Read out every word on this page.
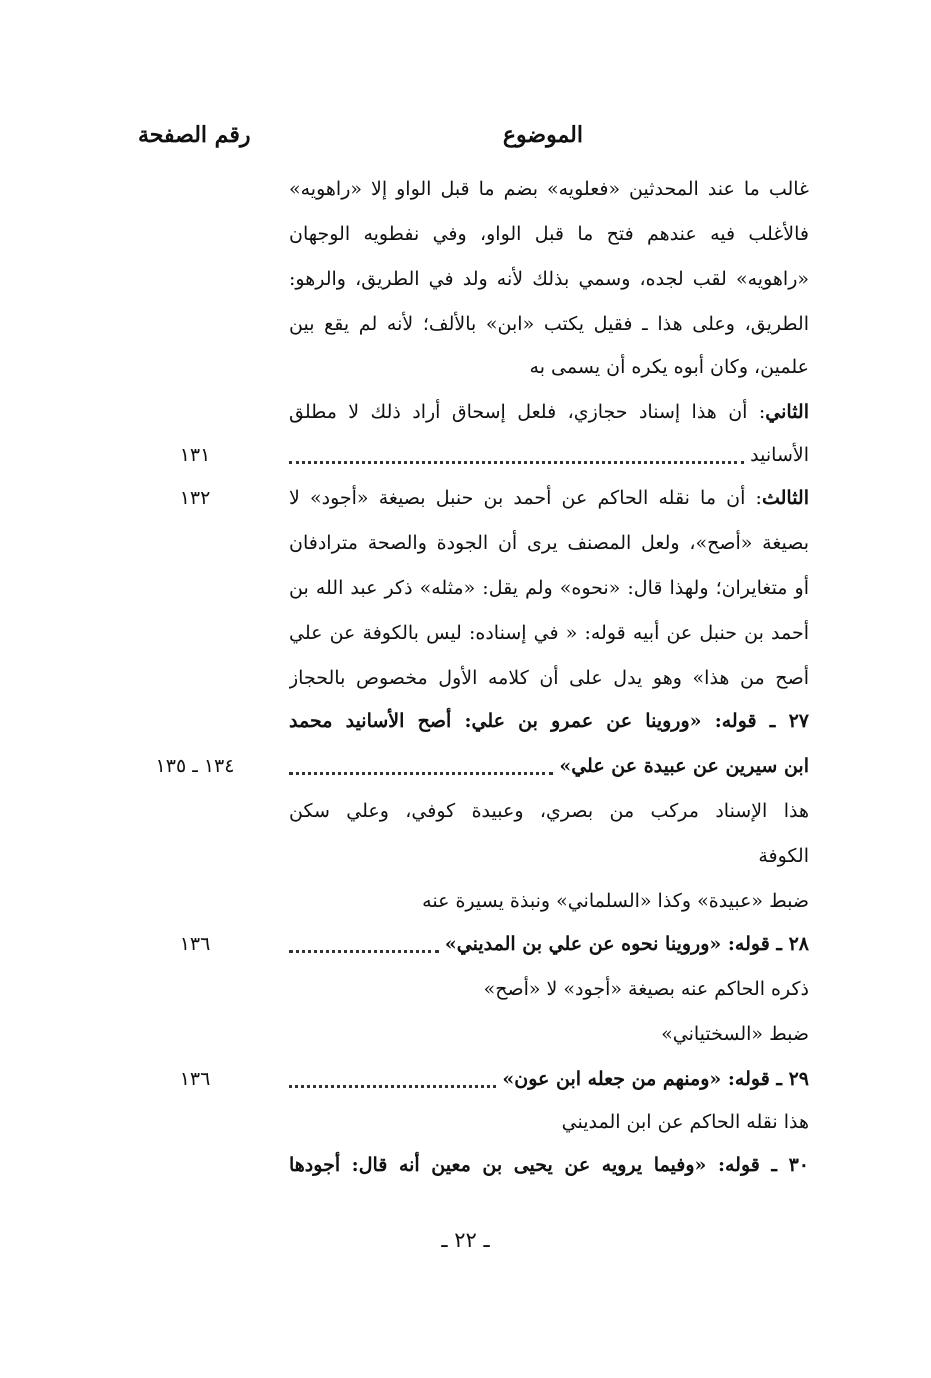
الموضوع
رقم الصفحة
غالب ما عند المحدثين «فعلويه» بضم ما قبل الواو إلا «راهويه»
فالأغلب فيه عندهم فتح ما قبل الواو، وفي نفطويه الوجهان
«راهويه» لقب لجده، وسمي بذلك لأنه ولد في الطريق، والرهو:
الطريق، وعلى هذا ـ فقيل يكتب «ابن» بالألف؛ لأنه لم يقع بين
علمين، وكان أبوه يكره أن يسمى به
الثاني: أن هذا إسناد حجازي، فلعل إسحاق أراد ذلك لا مطلق
الأسانيد
١٣١
الثالث: أن ما نقله الحاكم عن أحمد بن حنبل بصيغة «أجود» لا
١٣٢
بصيغة «أصح»، ولعل المصنف يرى أن الجودة والصحة مترادفان
أو متغايران؛ ولهذا قال: «نحوه» ولم يقل: «مثله» ذكر عبد الله بن
أحمد بن حنبل عن أبيه قوله: « في إسناده: ليس بالكوفة عن علي
أصح من هذا» وهو يدل على أن كلامه الأول مخصوص بالحجاز
٢٧ ـ قوله: «وروينا عن عمرو بن علي: أصح الأسانيد محمد
ابن سيرين عن عبيدة عن علي»
١٣٤ ـ ١٣٥
هذا الإسناد مركب من بصري، وعبيدة كوفي، وعلي سكن
الكوفة
ضبط «عبيدة» وكذا «السلماني» ونبذة يسيرة عنه
٢٨ ـ قوله: «وروينا نحوه عن علي بن المديني»
١٣٦
ذكره الحاكم عنه بصيغة «أجود» لا «أصح»
ضبط «السختياني»
٢٩ ـ قوله: «ومنهم من جعله ابن عون»
١٣٦
هذا نقله الحاكم عن ابن المديني
٣٠ ـ قوله: «وفيما يرويه عن يحيى بن معين أنه قال: أجودها
ـ ٢٢ ـ
